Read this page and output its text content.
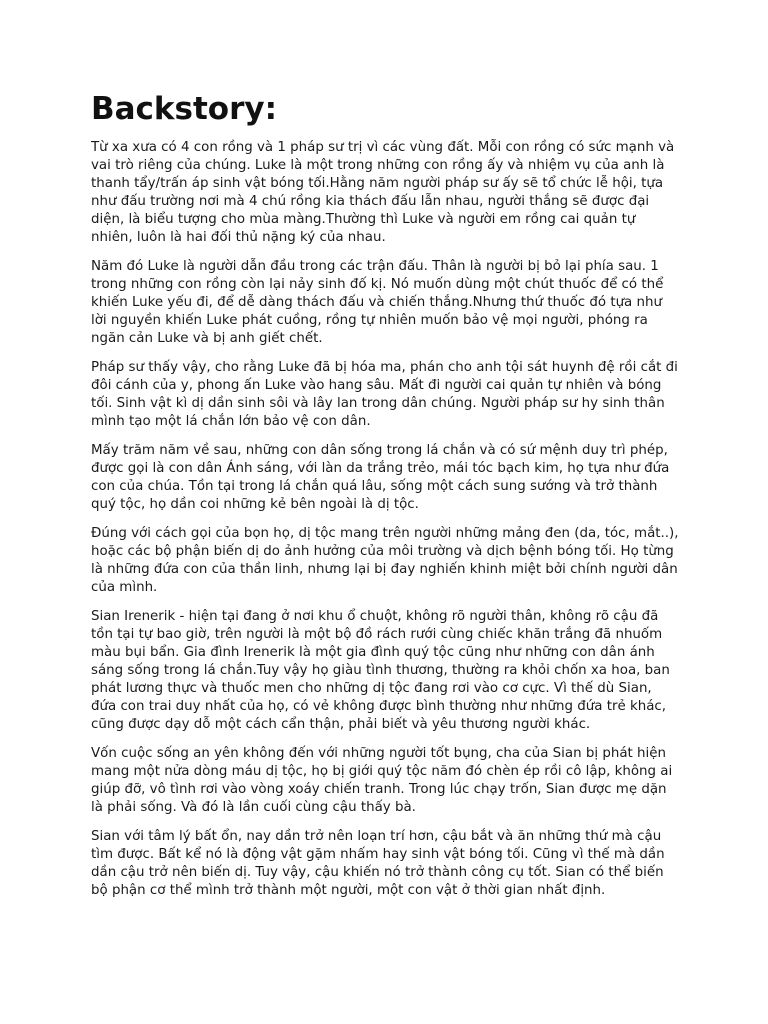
Backstory:

Từ xa xưa có 4 con rồng và 1 pháp sư trị vì các vùng đất. Mỗi con rồng có sức mạnh và vai trò riêng của chúng. Luke là một trong những con rồng ấy và nhiệm vụ của anh là thanh tẩy/trấn áp sinh vật bóng tối.Hằng năm người pháp sư ấy sẽ tổ chức lễ hội, tựa như đấu trường nơi mà 4 chú rồng kia thách đấu lẫn nhau, người thắng sẽ được đại diện, là biểu tượng cho mùa màng.Thường thì Luke và người em rồng cai quản tự nhiên, luôn là hai đối thủ nặng ký của nhau.

Năm đó Luke là người dẫn đầu trong các trận đấu. Thân là người bị bỏ lại phía sau. 1 trong những con rồng còn lại nảy sinh đố kị. Nó muốn dùng một chút thuốc để có thể khiến Luke yếu đi, để dễ dàng thách đấu và chiến thắng.Nhưng thứ thuốc đó tựa như lời nguyền khiến Luke phát cuồng, rồng tự nhiên muốn bảo vệ mọi người, phóng ra ngăn cản Luke và bị anh giết chết.

Pháp sư thấy vậy, cho rằng Luke đã bị hóa ma, phán cho anh tội sát huynh đệ rồi cắt đi đôi cánh của y, phong ấn Luke vào hang sâu. Mất đi người cai quản tự nhiên và bóng tối. Sinh vật kì dị dần sinh sôi và lây lan trong dân chúng. Người pháp sư hy sinh thân mình tạo một lá chắn lớn bảo vệ con dân.

Mấy trăm năm về sau, những con dân sống trong lá chắn và có sứ mệnh duy trì phép, được gọi là con dân Ánh sáng, với làn da trắng trẻo, mái tóc bạch kim, họ tựa như đứa con của chúa. Tồn tại trong lá chắn quá lâu, sống một cách sung sướng và trở thành quý tộc, họ dần coi những kẻ bên ngoài là dị tộc.

Đúng với cách gọi của bọn họ, dị tộc mang trên người những mảng đen (da, tóc, mắt..), hoặc các bộ phận biến dị do ảnh hưởng của môi trường và dịch bệnh bóng tối. Họ từng là những đứa con của thần linh, nhưng lại bị đay nghiến khinh miệt bởi chính người dân của mình.

Sian Irenerik - hiện tại đang ở nơi khu ổ chuột, không rõ người thân, không rõ cậu đã tồn tại tự bao giờ, trên người là một bộ đồ rách rưới cùng chiếc khăn trắng đã nhuốm màu bụi bẩn. Gia đình Irenerik là một gia đình quý tộc cũng như những con dân ánh sáng sống trong lá chắn.Tuy vậy họ giàu tình thương, thường ra khỏi chốn xa hoa, ban phát lương thực và thuốc men cho những dị tộc đang rơi vào cơ cực. Vì thế dù Sian, đứa con trai duy nhất của họ, có vẻ không được bình thường như những đứa trẻ khác, cũng được dạy dỗ một cách cẩn thận, phải biết và yêu thương người khác.

Vốn cuộc sống an yên không đến với những người tốt bụng, cha của Sian bị phát hiện mang một nửa dòng máu dị tộc, họ bị giới quý tộc năm đó chèn ép rồi cô lập, không ai giúp đỡ, vô tình rơi vào vòng xoáy chiến tranh. Trong lúc chạy trốn, Sian được mẹ dặn là phải sống. Và đó là lần cuối cùng cậu thấy bà.

Sian với tâm lý bất ổn, nay dần trở nên loạn trí hơn, cậu bắt và ăn những thứ mà cậu tìm được. Bất kể nó là động vật gặm nhấm hay sinh vật bóng tối. Cũng vì thế mà dần dần cậu trở nên biến dị. Tuy vậy, cậu khiến nó trở thành công cụ tốt. Sian có thể biến bộ phận cơ thể mình trở thành một người, một con vật ở thời gian nhất định.
